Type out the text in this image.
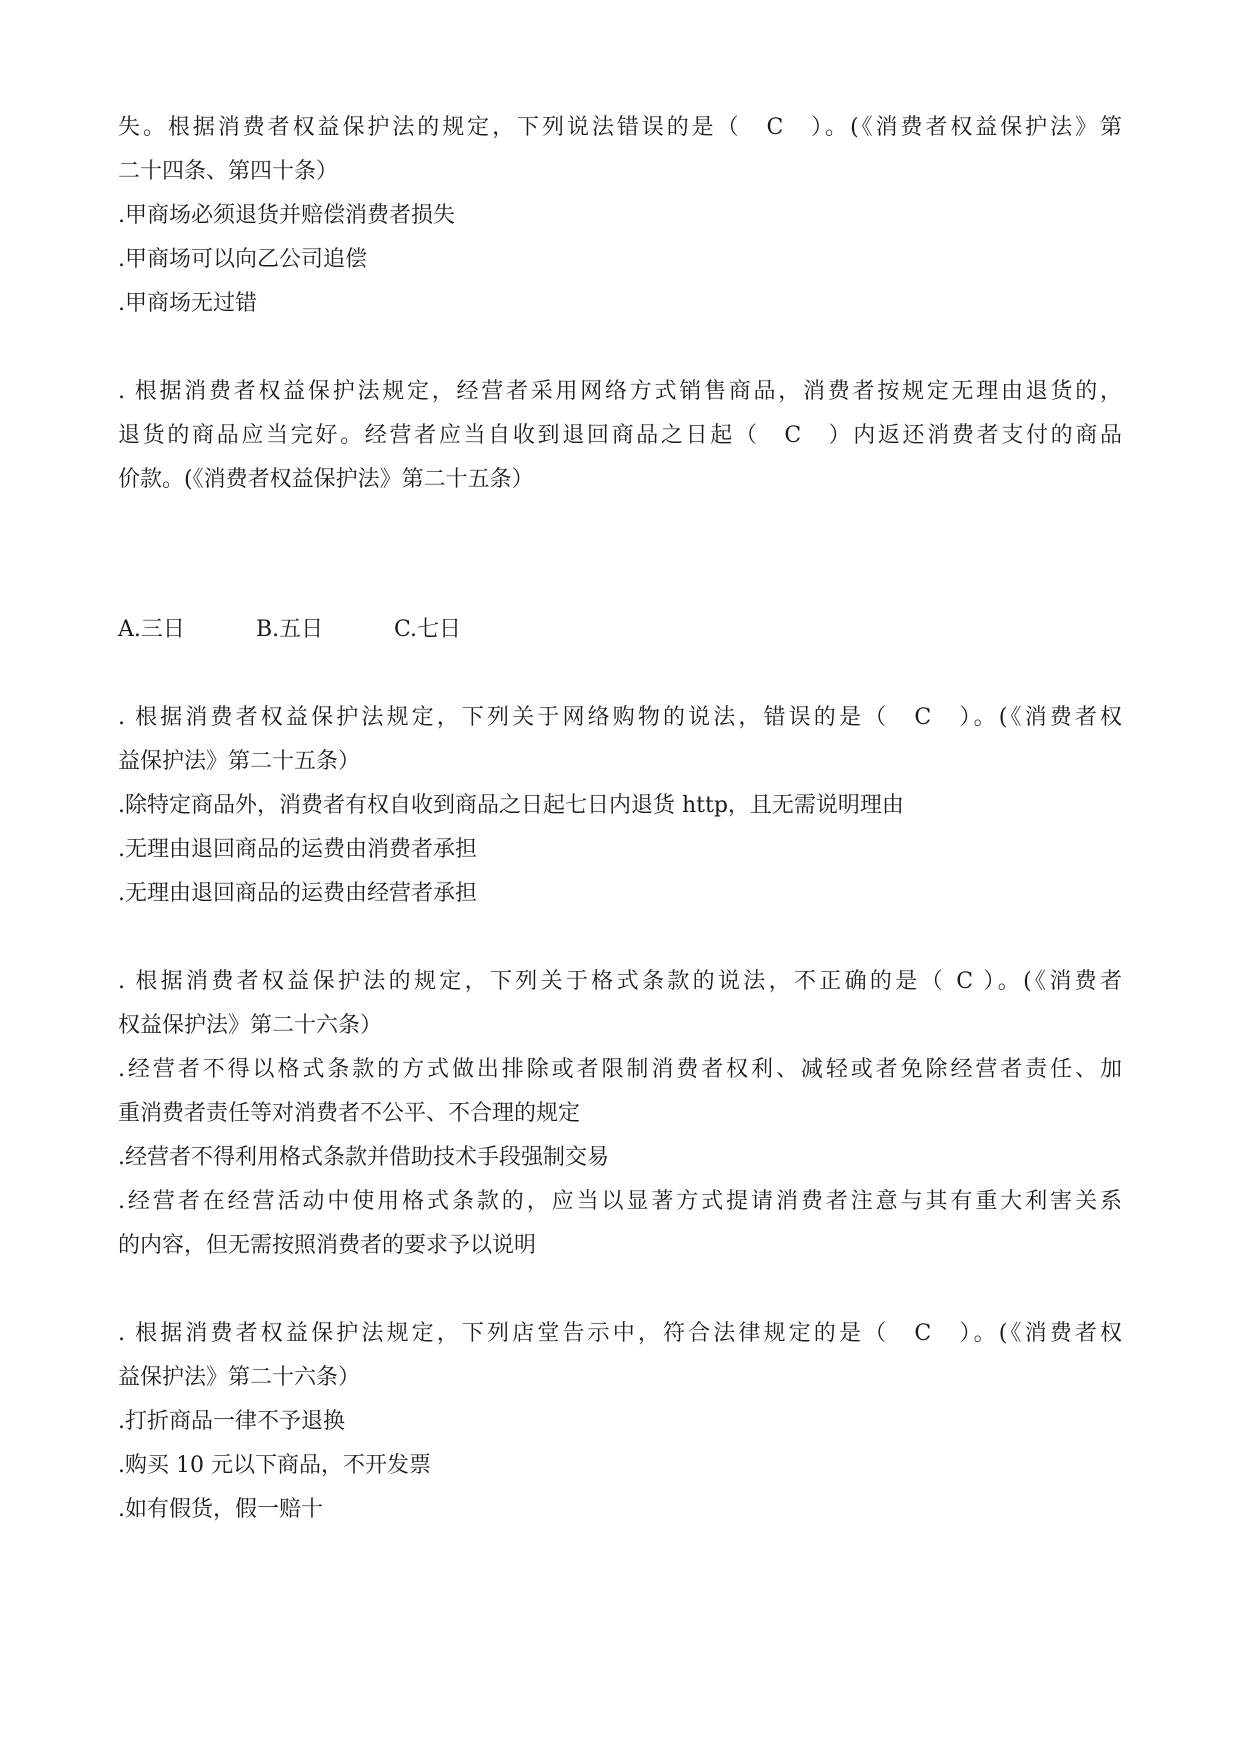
失。根据消费者权益保护法的规定，下列说法错误的是（　C　）。(《消费者权益保护法》第
二十四条、第四十条）
.甲商场必须退货并赔偿消费者损失
.甲商场可以向乙公司追偿
.甲商场无过错
. 根据消费者权益保护法规定，经营者采用网络方式销售商品，消费者按规定无理由退货的，
退货的商品应当完好。经营者应当自收到退回商品之日起（　C　）内返还消费者支付的商品
价款。(《消费者权益保护法》第二十五条）
A.三日	B.五日	C.七日
. 根据消费者权益保护法规定，下列关于网络购物的说法，错误的是（　C　）。(《消费者权
益保护法》第二十五条）
.除特定商品外，消费者有权自收到商品之日起七日内退货 http，且无需说明理由
.无理由退回商品的运费由消费者承担
.无理由退回商品的运费由经营者承担
. 根据消费者权益保护法的规定，下列关于格式条款的说法，不正确的是（ C ）。(《消费者
权益保护法》第二十六条）
.经营者不得以格式条款的方式做出排除或者限制消费者权利、减轻或者免除经营者责任、加
重消费者责任等对消费者不公平、不合理的规定
.经营者不得利用格式条款并借助技术手段强制交易
.经营者在经营活动中使用格式条款的，应当以显著方式提请消费者注意与其有重大利害关系
的内容，但无需按照消费者的要求予以说明
. 根据消费者权益保护法规定，下列店堂告示中，符合法律规定的是（　C　）。(《消费者权
益保护法》第二十六条）
.打折商品一律不予退换
.购买 10 元以下商品，不开发票
.如有假货，假一赔十
